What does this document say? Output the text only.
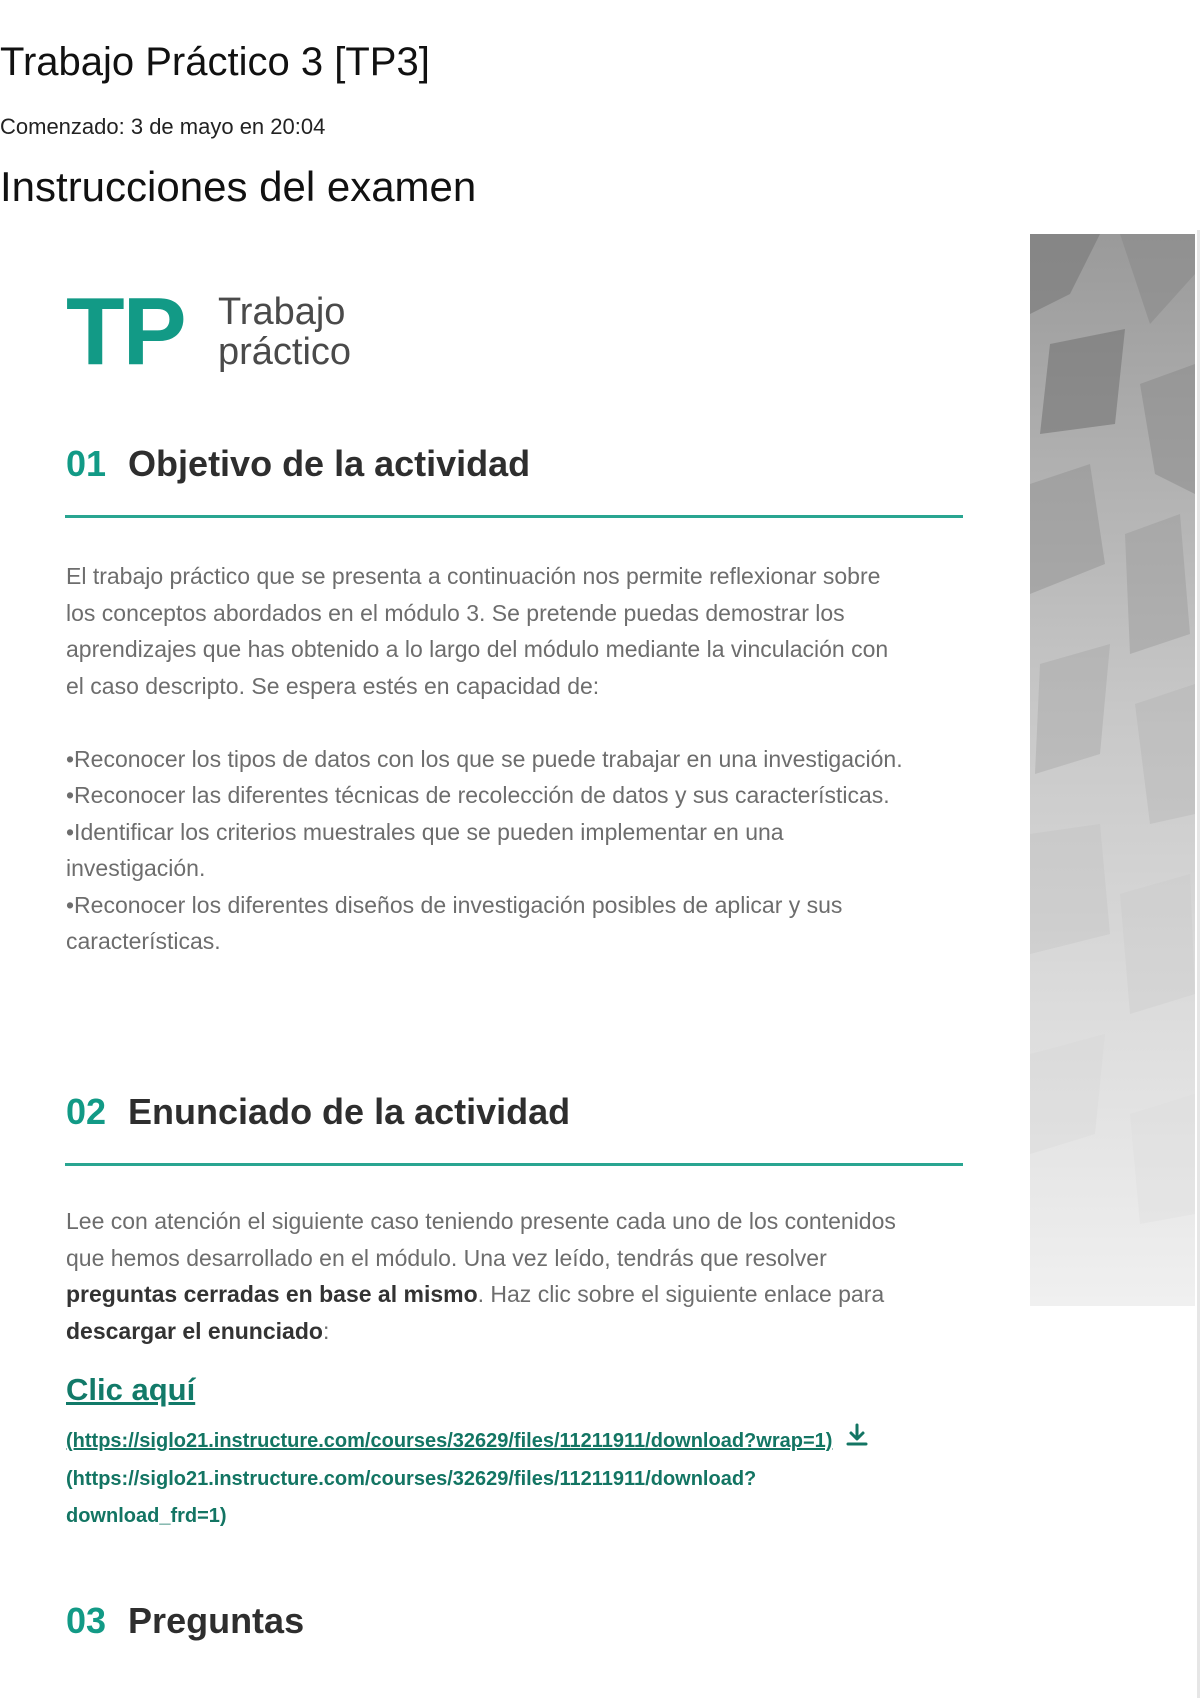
Trabajo Práctico 3 [TP3]
Comenzado: 3 de mayo en 20:04
Instrucciones del examen
TP Trabajo
práctico
01 Objetivo de la actividad

El trabajo práctico que se presenta a continuación nos permite reflexionar sobre

los conceptos abordados en el módulo 3. Se pretende puedas demostrar los

aprendizajes que has obtenido a lo largo del módulo mediante la vinculación con

el caso descripto. Se espera estés en capacidad de:

•Reconocer los tipos de datos con los que se puede trabajar en una investigación.

•Reconocer las diferentes técnicas de recolección de datos y sus características.

•Identificar los criterios muestrales que se pueden implementar en una

investigación.

•Reconocer los diferentes diseños de investigación posibles de aplicar y sus

características.

02 Enunciado de la actividad

Lee con atención el siguiente caso teniendo presente cada uno de los contenidos

que hemos desarrollado en el módulo. Una vez leído, tendrás que resolver

preguntas cerradas en base al mismo. Haz clic sobre el siguiente enlace para

descargar el enunciado:

Clic aquí
(https://siglo21.instructure.com/courses/32629/files/11211911/download?wrap=1)
(https://siglo21.instructure.com/courses/32629/files/11211911/download?
download_frd=1)
03 Preguntas
